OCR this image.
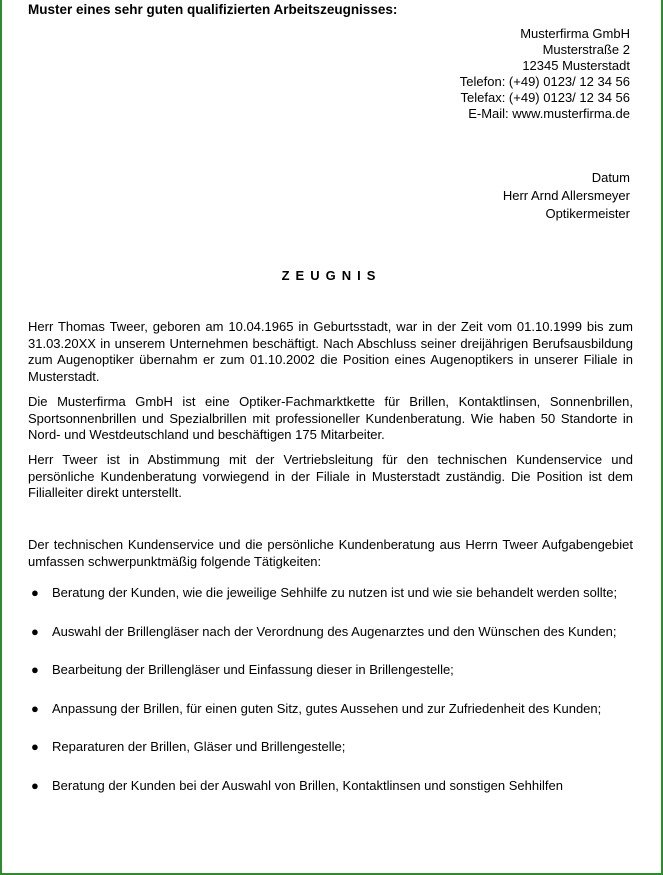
Muster eines sehr guten qualifizierten Arbeitszeugnisses:
Musterfirma GmbH
Musterstraße 2
12345 Musterstadt
Telefon: (+49) 0123/ 12 34 56
Telefax: (+49) 0123/ 12 34 56
E-Mail: www.musterfirma.de
Datum
Herr Arnd Allersmeyer
Optikermeister
ZEUGNIS
Herr Thomas Tweer, geboren am 10.04.1965 in Geburtsstadt, war in der Zeit vom 01.10.1999 bis zum 31.03.20XX in unserem Unternehmen beschäftigt. Nach Abschluss seiner dreijährigen Berufsausbildung zum Augenoptiker übernahm er zum 01.10.2002 die Position eines Augenoptikers in unserer Filiale in Musterstadt.
Die Musterfirma GmbH ist eine Optiker-Fachmarktkette für Brillen, Kontaktlinsen, Sonnenbrillen, Sportsonnenbrillen und Spezialbrillen mit professioneller Kundenberatung. Wie haben 50 Standorte in Nord- und Westdeutschland und beschäftigen 175 Mitarbeiter.
Herr Tweer ist in Abstimmung mit der Vertriebsleitung für den technischen Kundenservice und persönliche Kundenberatung vorwiegend in der Filiale in Musterstadt zuständig. Die Position ist dem Filialleiter direkt unterstellt.
Der technischen Kundenservice und die persönliche Kundenberatung aus Herrn Tweer Aufgabengebiet umfassen schwerpunktmäßig folgende Tätigkeiten:
● Beratung der Kunden, wie die jeweilige Sehhilfe zu nutzen ist und wie sie behandelt werden sollte;
● Auswahl der Brillengläser nach der Verordnung des Augenarztes und den Wünschen des Kunden;
● Bearbeitung der Brillengläser und Einfassung dieser in Brillengestelle;
● Anpassung der Brillen, für einen guten Sitz, gutes Aussehen und zur Zufriedenheit des Kunden;
● Reparaturen der Brillen, Gläser und Brillengestelle;
● Beratung der Kunden bei der Auswahl von Brillen, Kontaktlinsen und sonstigen Sehhilfen
